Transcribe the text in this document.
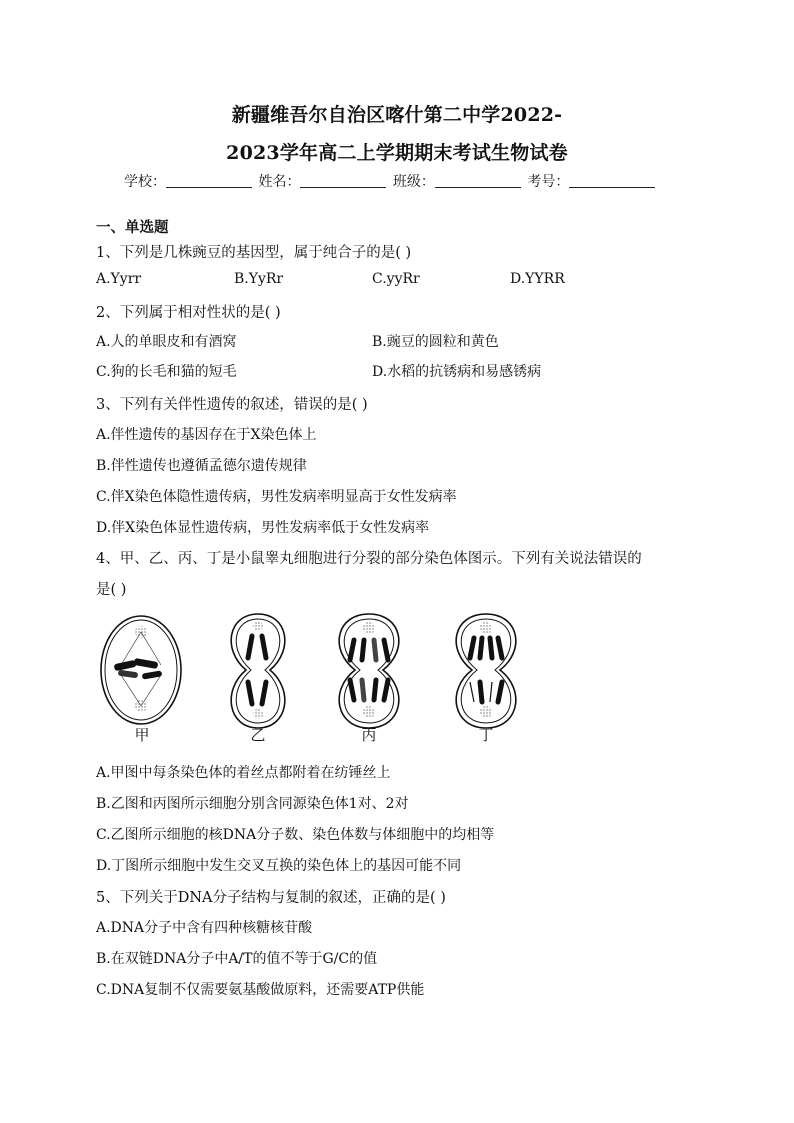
新疆维吾尔自治区喀什第二中学2022-
2023学年高二上学期期末考试生物试卷
学校：	姓名：	班级：	考号：
一、单选题
1、下列是几株豌豆的基因型，属于纯合子的是( )
A.Yyrr	B.YyRr	C.yyRr	D.YYRR
2、下列属于相对性状的是( )
A.人的单眼皮和有酒窝	B.豌豆的圆粒和黄色
C.狗的长毛和猫的短毛	D.水稻的抗锈病和易感锈病
3、下列有关伴性遗传的叙述，错误的是( )
A.伴性遗传的基因存在于X染色体上
B.伴性遗传也遵循孟德尔遗传规律
C.伴X染色体隐性遗传病，男性发病率明显高于女性发病率
D.伴X染色体显性遗传病，男性发病率低于女性发病率
4、甲、乙、丙、丁是小鼠睾丸细胞进行分裂的部分染色体图示。下列有关说法错误的
是( )
甲	乙	丙	丁
A.甲图中每条染色体的着丝点都附着在纺锤丝上
B.乙图和丙图所示细胞分别含同源染色体1对、2对
C.乙图所示细胞的核DNA分子数、染色体数与体细胞中的均相等
D.丁图所示细胞中发生交叉互换的染色体上的基因可能不同
5、下列关于DNA分子结构与复制的叙述，正确的是( )
A.DNA分子中含有四种核糖核苷酸
B.在双链DNA分子中A/T的值不等于G/C的值
C.DNA复制不仅需要氨基酸做原料，还需要ATP供能
